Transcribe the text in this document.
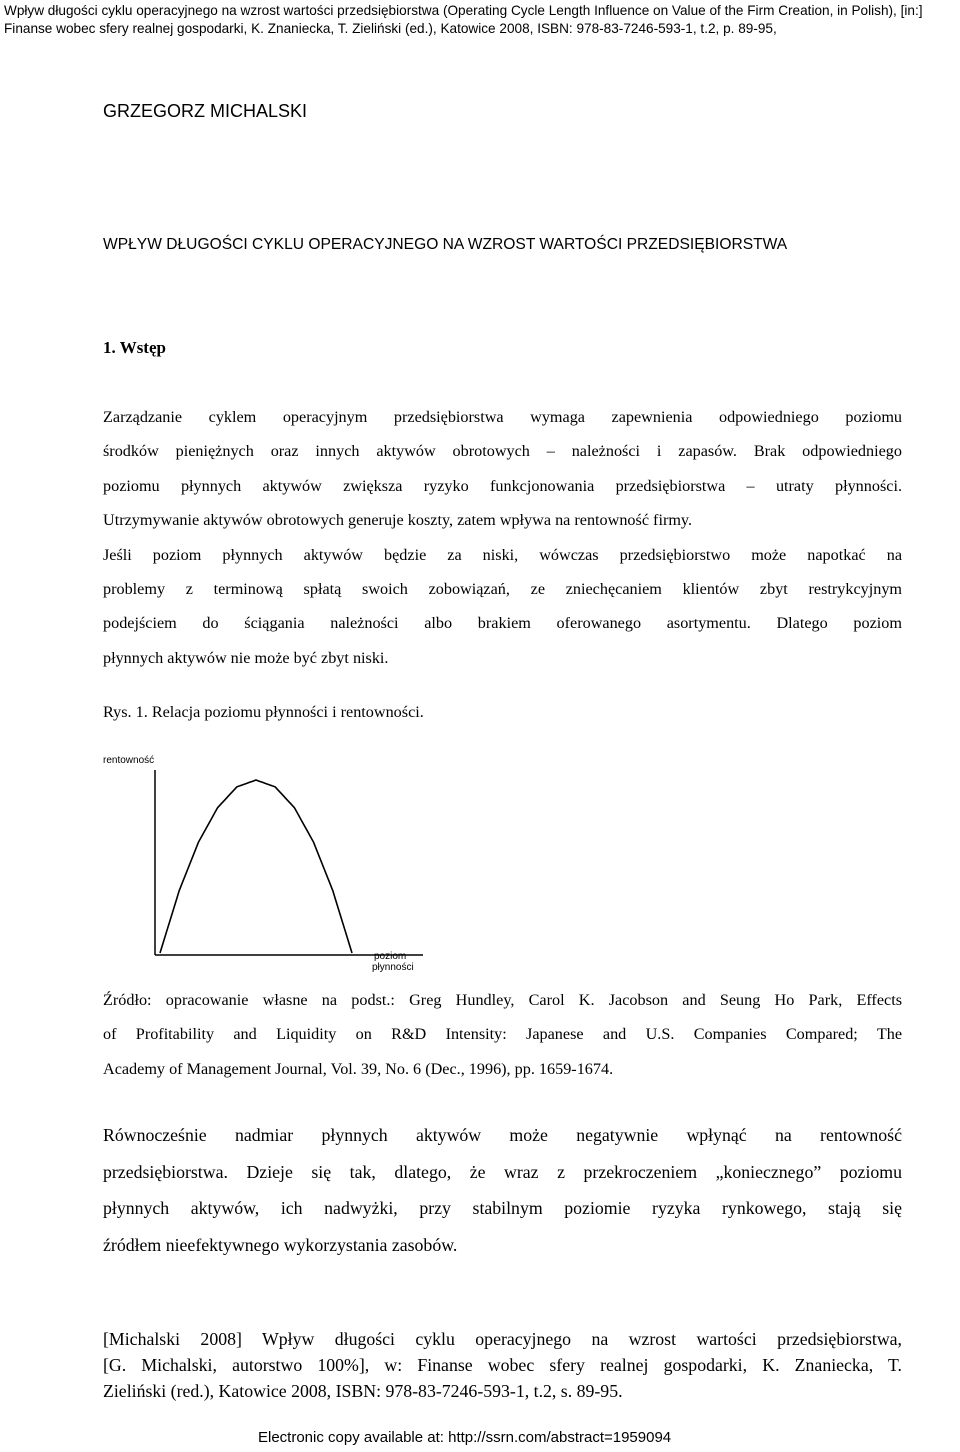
Wpływ długości cyklu operacyjnego na wzrost wartości przedsiębiorstwa (Operating Cycle Length Influence on Value of the Firm Creation, in Polish), [in:]
Finanse wobec sfery realnej gospodarki, K. Znaniecka, T. Zieliński (ed.), Katowice 2008, ISBN: 978-83-7246-593-1, t.2, p. 89-95,
GRZEGORZ MICHALSKI
WPŁYW DŁUGOŚCI CYKLU OPERACYJNEGO NA WZROST WARTOŚCI PRZEDSIĘBIORSTWA
1. Wstęp
Zarządzanie cyklem operacyjnym przedsiębiorstwa wymaga zapewnienia odpowiedniego poziomu
środków pieniężnych oraz innych aktywów obrotowych – należności i zapasów. Brak odpowiedniego
poziomu płynnych aktywów zwiększa ryzyko funkcjonowania przedsiębiorstwa – utraty płynności.
Utrzymywanie aktywów obrotowych generuje koszty, zatem wpływa na rentowność firmy.
Jeśli poziom płynnych aktywów będzie za niski, wówczas przedsiębiorstwo może napotkać na
problemy z terminową spłatą swoich zobowiązań, ze zniechęcaniem klientów zbyt restrykcyjnym
podejściem do ściągania należności albo brakiem oferowanego asortymentu. Dlatego poziom
płynnych aktywów nie może być zbyt niski.
Rys. 1. Relacja poziomu płynności i rentowności.
rentowność
poziom
płynności
Źródło: opracowanie własne na podst.: Greg Hundley, Carol K. Jacobson and Seung Ho Park, Effects
of Profitability and Liquidity on R&D Intensity: Japanese and U.S. Companies Compared; The
Academy of Management Journal, Vol. 39, No. 6 (Dec., 1996), pp. 1659-1674.
Równocześnie nadmiar płynnych aktywów może negatywnie wpłynąć na rentowność
przedsiębiorstwa. Dzieje się tak, dlatego, że wraz z przekroczeniem „koniecznego” poziomu
płynnych aktywów, ich nadwyżki, przy stabilnym poziomie ryzyka rynkowego, stają się
źródłem nieefektywnego wykorzystania zasobów.
[Michalski 2008] Wpływ długości cyklu operacyjnego na wzrost wartości przedsiębiorstwa,
[G. Michalski, autorstwo 100%], w: Finanse wobec sfery realnej gospodarki, K. Znaniecka, T.
Zieliński (red.), Katowice 2008, ISBN: 978-83-7246-593-1, t.2, s. 89-95.
Electronic copy available at: http://ssrn.com/abstract=1959094
